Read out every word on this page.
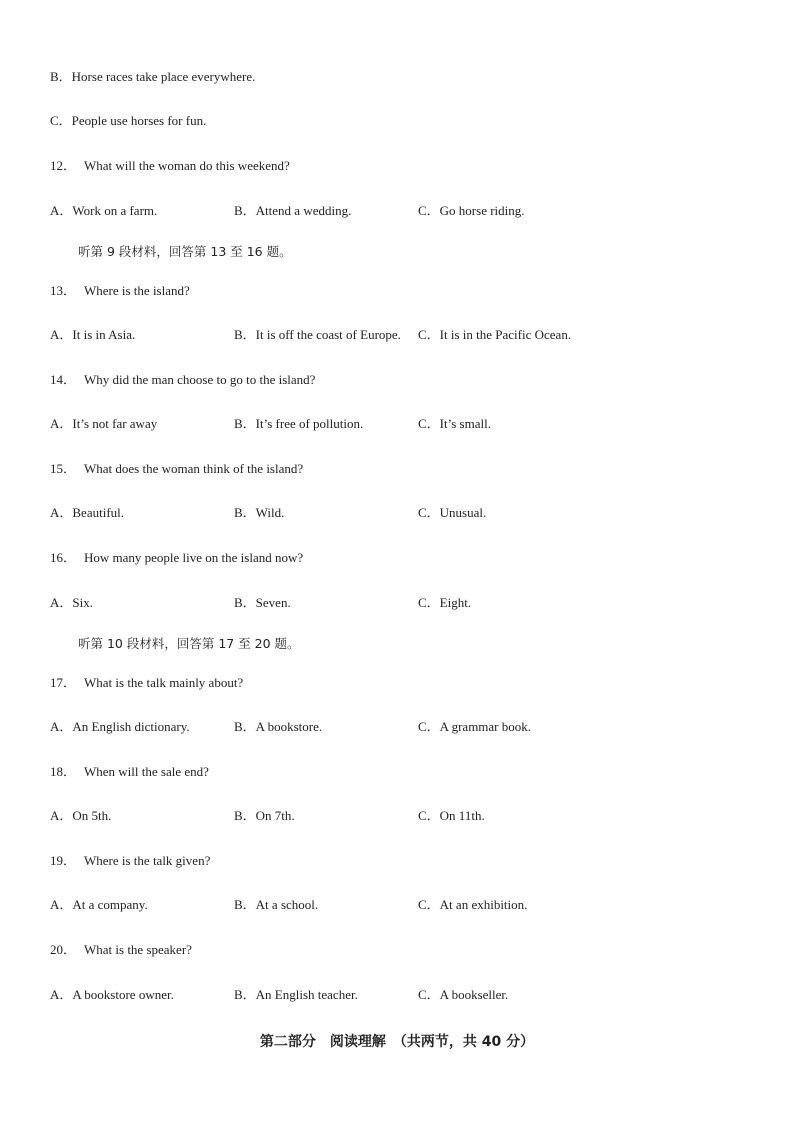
B．Horse races take place everywhere.
C．People use horses for fun.
12． What will the woman do this weekend?
A．Work on a farm.	B．Attend a wedding.	C．Go horse riding.
听第 9 段材料，回答第 13 至 16 题。
13． Where is the island?
A．It is in Asia.	B．It is off the coast of Europe. C．It is in the Pacific Ocean.
14． Why did the man choose to go to the island?
A．It’s not far away	B．It’s free of pollution.	C．It’s small.
15． What does the woman think of the island?
A．Beautiful.	B．Wild.	C．Unusual.
16． How many people live on the island now?
A．Six.	B．Seven.	C．Eight.
听第 10 段材料，回答第 17 至 20 题。
17． What is the talk mainly about?
A．An English dictionary.	B．A bookstore.	C．A grammar book.
18． When will the sale end?
A．On 5th.	B．On 7th.	C．On 11th.
19． Where is the talk given?
A．At a company.	B．At a school.	C．At an exhibition.
20． What is the speaker?
A．A bookstore owner.	B．An English teacher.	C．A bookseller.
第二部分　阅读理解　（共两节，共 40 分）
